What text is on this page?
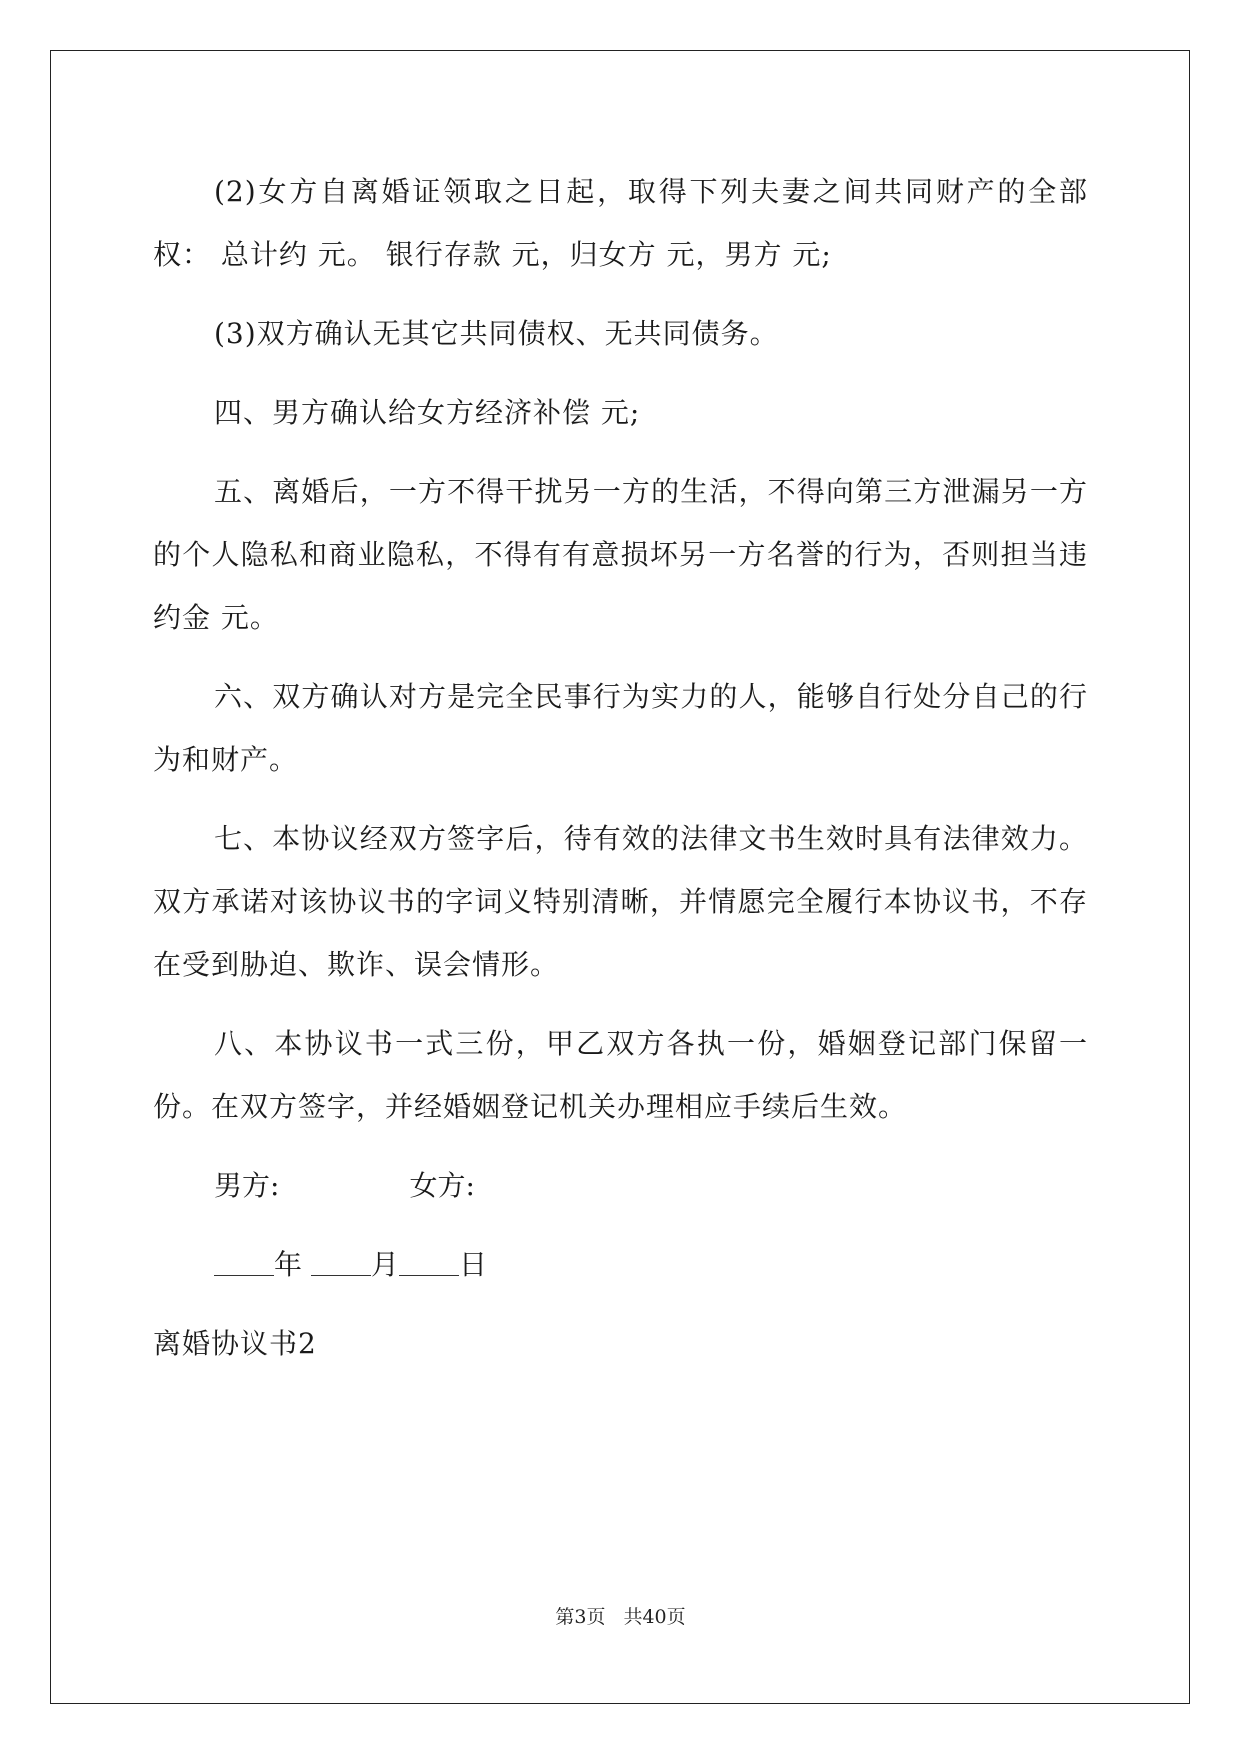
(2)女方自离婚证领取之日起，取得下列夫妻之间共同财产的全部权： 总计约 元。 银行存款 元，归女方 元，男方 元;

(3)双方确认无其它共同债权、无共同债务。

四、男方确认给女方经济补偿 元;

五、离婚后，一方不得干扰另一方的生活，不得向第三方泄漏另一方的个人隐私和商业隐私，不得有有意损坏另一方名誉的行为，否则担当违约金 元。

六、双方确认对方是完全民事行为实力的人，能够自行处分自己的行为和财产。

七、本协议经双方签字后，待有效的法律文书生效时具有法律效力。双方承诺对该协议书的字词义特别清晰，并情愿完全履行本协议书，不存在受到胁迫、欺诈、误会情形。

八、本协议书一式三份，甲乙双方各执一份，婚姻登记部门保留一份。在双方签字，并经婚姻登记机关办理相应手续后生效。

男方:	女方:
年 月 日

离婚协议书2

第3页 共40页
